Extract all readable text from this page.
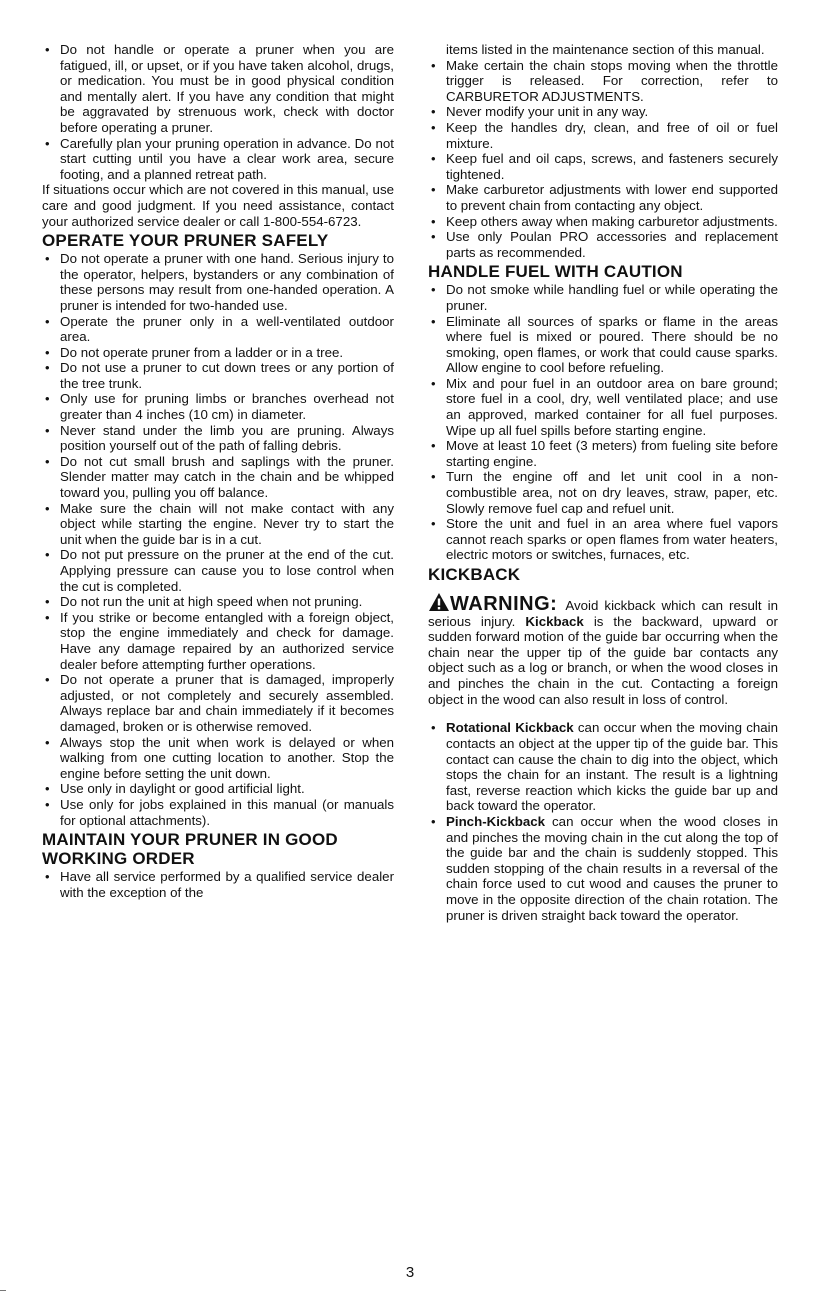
• Do not handle or operate a pruner when you are fatigued, ill, or upset, or if you have taken alcohol, drugs, or medication. You must be in good physical condition and mentally alert. If you have any condition that might be aggravated by strenuous work, check with doctor before operating a pruner.
• Carefully plan your pruning operation in advance. Do not start cutting until you have a clear work area, secure footing, and a planned retreat path.

If situations occur which are not covered in this manual, use care and good judgment. If you need assistance, contact your authorized service dealer or call 1-800-554-6723.

OPERATE YOUR PRUNER SAFELY
• Do not operate a pruner with one hand. Serious injury to the operator, helpers, bystanders or any combination of these persons may result from one-handed operation. A pruner is intended for two-handed use.
• Operate the pruner only in a well-ventilated outdoor area.
• Do not operate pruner from a ladder or in a tree.
• Do not use a pruner to cut down trees or any portion of the tree trunk.
• Only use for pruning limbs or branches overhead not greater than 4 inches (10 cm) in diameter.
• Never stand under the limb you are pruning. Always position yourself out of the path of falling debris.
• Do not cut small brush and saplings with the pruner. Slender matter may catch in the chain and be whipped toward you, pulling you off balance.
• Make sure the chain will not make contact with any object while starting the engine. Never try to start the unit when the guide bar is in a cut.
• Do not put pressure on the pruner at the end of the cut. Applying pressure can cause you to lose control when the cut is completed.
• Do not run the unit at high speed when not pruning.
• If you strike or become entangled with a foreign object, stop the engine immediately and check for damage. Have any damage repaired by an authorized service dealer before attempting further operations.
• Do not operate a pruner that is damaged, improperly adjusted, or not completely and securely assembled. Always replace bar and chain immediately if it becomes damaged, broken or is otherwise removed.
• Always stop the unit when work is delayed or when walking from one cutting location to another. Stop the engine before setting the unit down.
• Use only in daylight or good artificial light.
• Use only for jobs explained in this manual (or manuals for optional attachments).
MAINTAIN YOUR PRUNER IN GOOD WORKING ORDER
• Have all service performed by a qualified service dealer with the exception of the

items listed in the maintenance section of this manual.

• Make certain the chain stops moving when the throttle trigger is released. For correction, refer to CARBURETOR ADJUSTMENTS.
• Never modify your unit in any way.
• Keep the handles dry, clean, and free of oil or fuel mixture.
• Keep fuel and oil caps, screws, and fasteners securely tightened.
• Make carburetor adjustments with lower end supported to prevent chain from contacting any object.
• Keep others away when making carburetor adjustments.
• Use only Poulan PRO accessories and replacement parts as recommended.
HANDLE FUEL WITH CAUTION
• Do not smoke while handling fuel or while operating the pruner.
• Eliminate all sources of sparks or flame in the areas where fuel is mixed or poured. There should be no smoking, open flames, or work that could cause sparks. Allow engine to cool before refueling.
• Mix and pour fuel in an outdoor area on bare ground; store fuel in a cool, dry, well ventilated place; and use an approved, marked container for all fuel purposes. Wipe up all fuel spills before starting engine.
• Move at least 10 feet (3 meters) from fueling site before starting engine.
• Turn the engine off and let unit cool in a non-combustible area, not on dry leaves, straw, paper, etc. Slowly remove fuel cap and refuel unit.
• Store the unit and fuel in an area where fuel vapors cannot reach sparks or open flames from water heaters, electric motors or switches, furnaces, etc.
KICKBACK

WARNING: Avoid kickback which can result in serious injury. Kickback is the backward, upward or sudden forward motion of the guide bar occurring when the chain near the upper tip of the guide bar contacts any object such as a log or branch, or when the wood closes in and pinches the chain in the cut. Contacting a foreign object in the wood can also result in loss of control.

• Rotational Kickback can occur when the moving chain contacts an object at the upper tip of the guide bar. This contact can cause the chain to dig into the object, which stops the chain for an instant. The result is a lightning fast, reverse reaction which kicks the guide bar up and back toward the operator.
• Pinch-Kickback can occur when the wood closes in and pinches the moving chain in the cut along the top of the guide bar and the chain is suddenly stopped. This sudden stopping of the chain results in a reversal of the chain force used to cut wood and causes the pruner to move in the opposite direction of the chain rotation. The pruner is driven straight back toward the operator.
3
